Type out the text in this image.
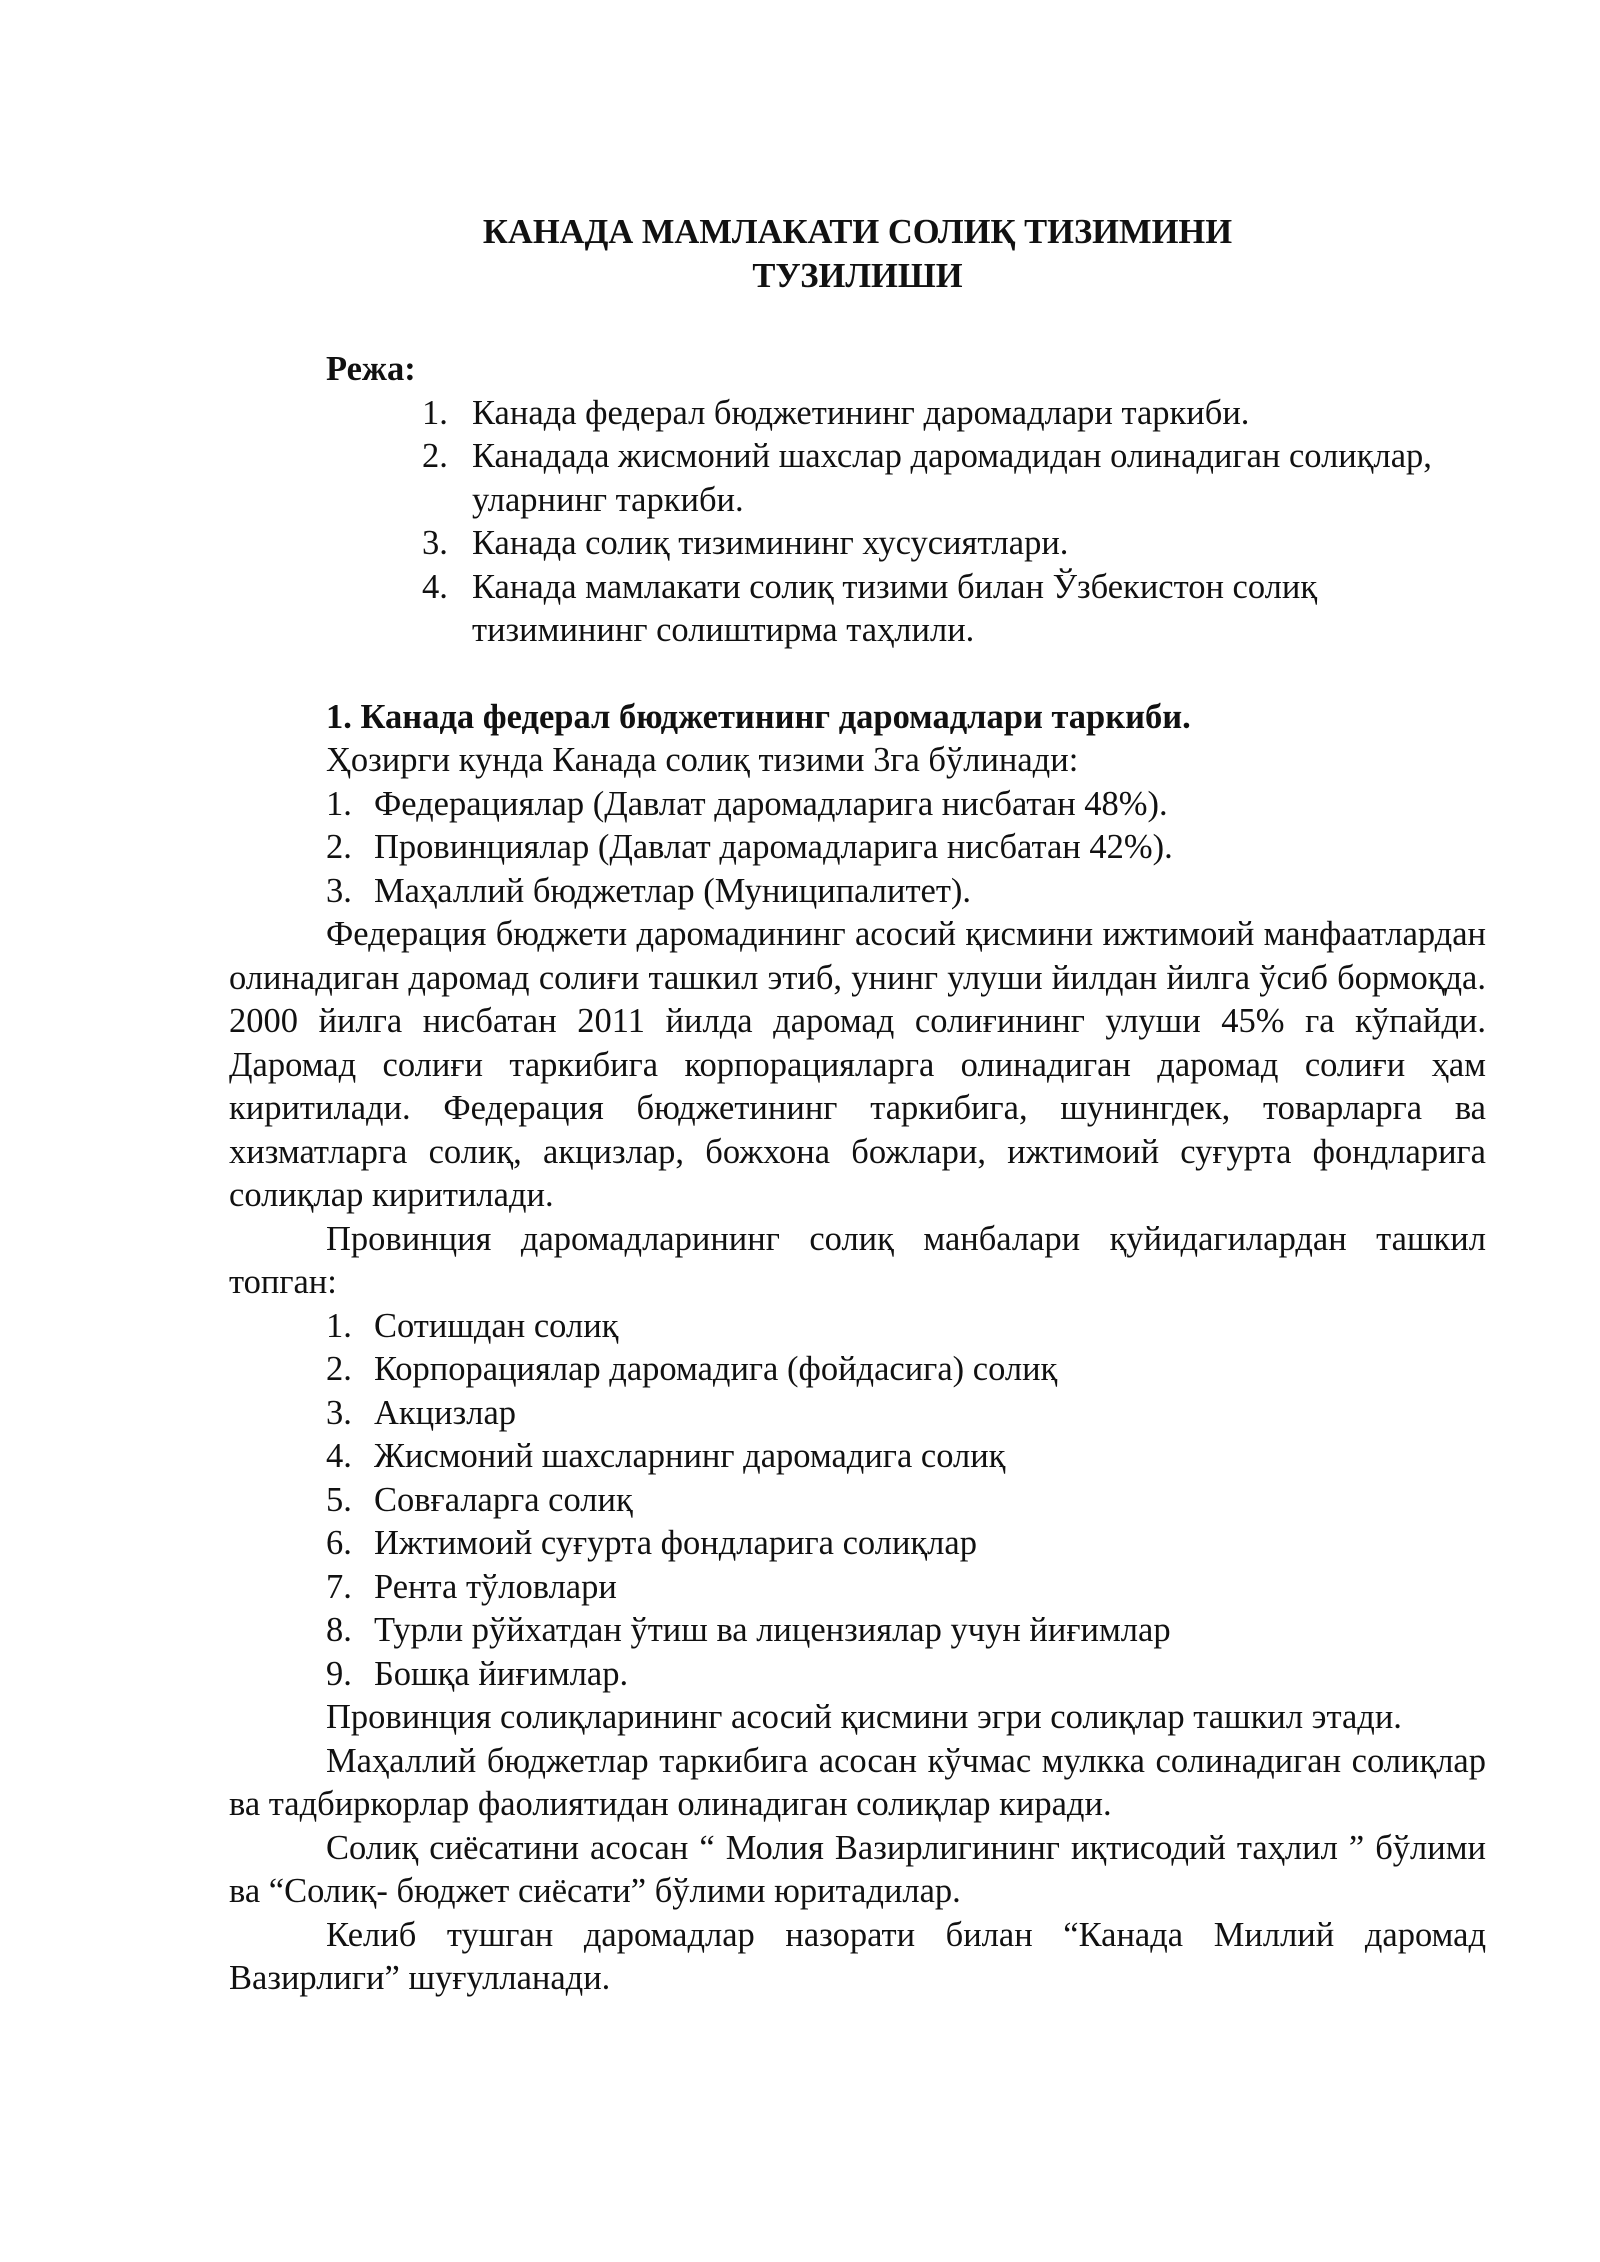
КАНАДА МАМЛАКАТИ СОЛИҚ ТИЗИМИНИ
ТУЗИЛИШИ
Режа:
1. Канада федерал бюджетининг даромадлари таркиби.
2. Канадада жисмоний шахслар даромадидан олинадиган солиқлар, уларнинг таркиби.
3. Канада солиқ тизимининг хусусиятлари.
4. Канада мамлакати солиқ тизими билан Ўзбекистон солиқ тизимининг солиштирма таҳлили.
1. Канада федерал бюджетининг даромадлари таркиби.
Ҳозирги кунда Канада солиқ тизими 3га бўлинади:
1. Федерациялар (Давлат даромадларига нисбатан 48%).
2. Провинциялар (Давлат даромадларига нисбатан 42%).
3. Маҳаллий бюджетлар (Муниципалитет).

Федерация бюджети даромадининг асосий қисмини ижтимоий манфаатлардан олинадиган даромад солиғи ташкил этиб, унинг улуши йилдан йилга ўсиб бормоқда. 2000 йилга нисбатан 2011 йилда даромад солиғининг улуши 45% га кўпайди. Даромад солиғи таркибига корпорацияларга олинадиган даромад солиғи ҳам киритилади. Федерация бюджетининг таркибига, шунингдек, товарларга ва хизматларга солиқ, акцизлар, божхона божлари, ижтимоий суғурта фондларига солиқлар киритилади.

Провинция даромадларининг солиқ манбалари қуйидагилардан ташкил топган:

1. Сотишдан солиқ
2. Корпорациялар даромадига (фойдасига) солиқ
3. Акцизлар
4. Жисмоний шахсларнинг даромадига солиқ
5. Совғаларга солиқ
6. Ижтимоий суғурта фондларига солиқлар
7. Рента тўловлари
8. Турли рўйхатдан ўтиш ва лицензиялар учун йиғимлар
9. Бошқа йиғимлар.

Провинция солиқларининг асосий қисмини эгри солиқлар ташкил этади.

Маҳаллий бюджетлар таркибига асосан кўчмас мулкка солинадиган солиқлар ва тадбиркорлар фаолиятидан олинадиган солиқлар киради.

Солиқ сиёсатини асосан “ Молия Вазирлигининг иқтисодий таҳлил ” бўлими ва “Солиқ- бюджет сиёсати” бўлими юритадилар.

Келиб тушган даромадлар назорати билан “Канада Миллий даромад Вазирлиги” шуғулланади.
